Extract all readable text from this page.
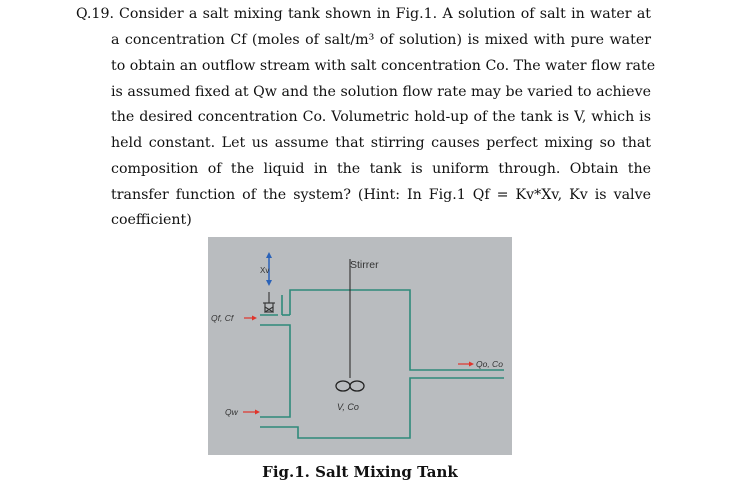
Q.19. Consider a salt mixing tank shown in Fig.1. A solution of salt in water at
a concentration Cf (moles of salt/m³ of solution) is mixed with pure water
to obtain an outflow stream with salt concentration Co. The water flow rate
is assumed fixed at Qw and the solution flow rate may be varied to achieve
the desired concentration Co. Volumetric hold-up of the tank is V, which is
held constant. Let us assume that stirring causes perfect mixing so that
composition of the liquid in the tank is uniform through. Obtain the
transfer function of the system? (Hint: In Fig.1 Qf = Kv*Xv, Kv is valve
coefficient)
Xv	Stirrer
V, Co
Qf, Cf
Qw
Qo, Co
Fig.1. Salt Mixing Tank
